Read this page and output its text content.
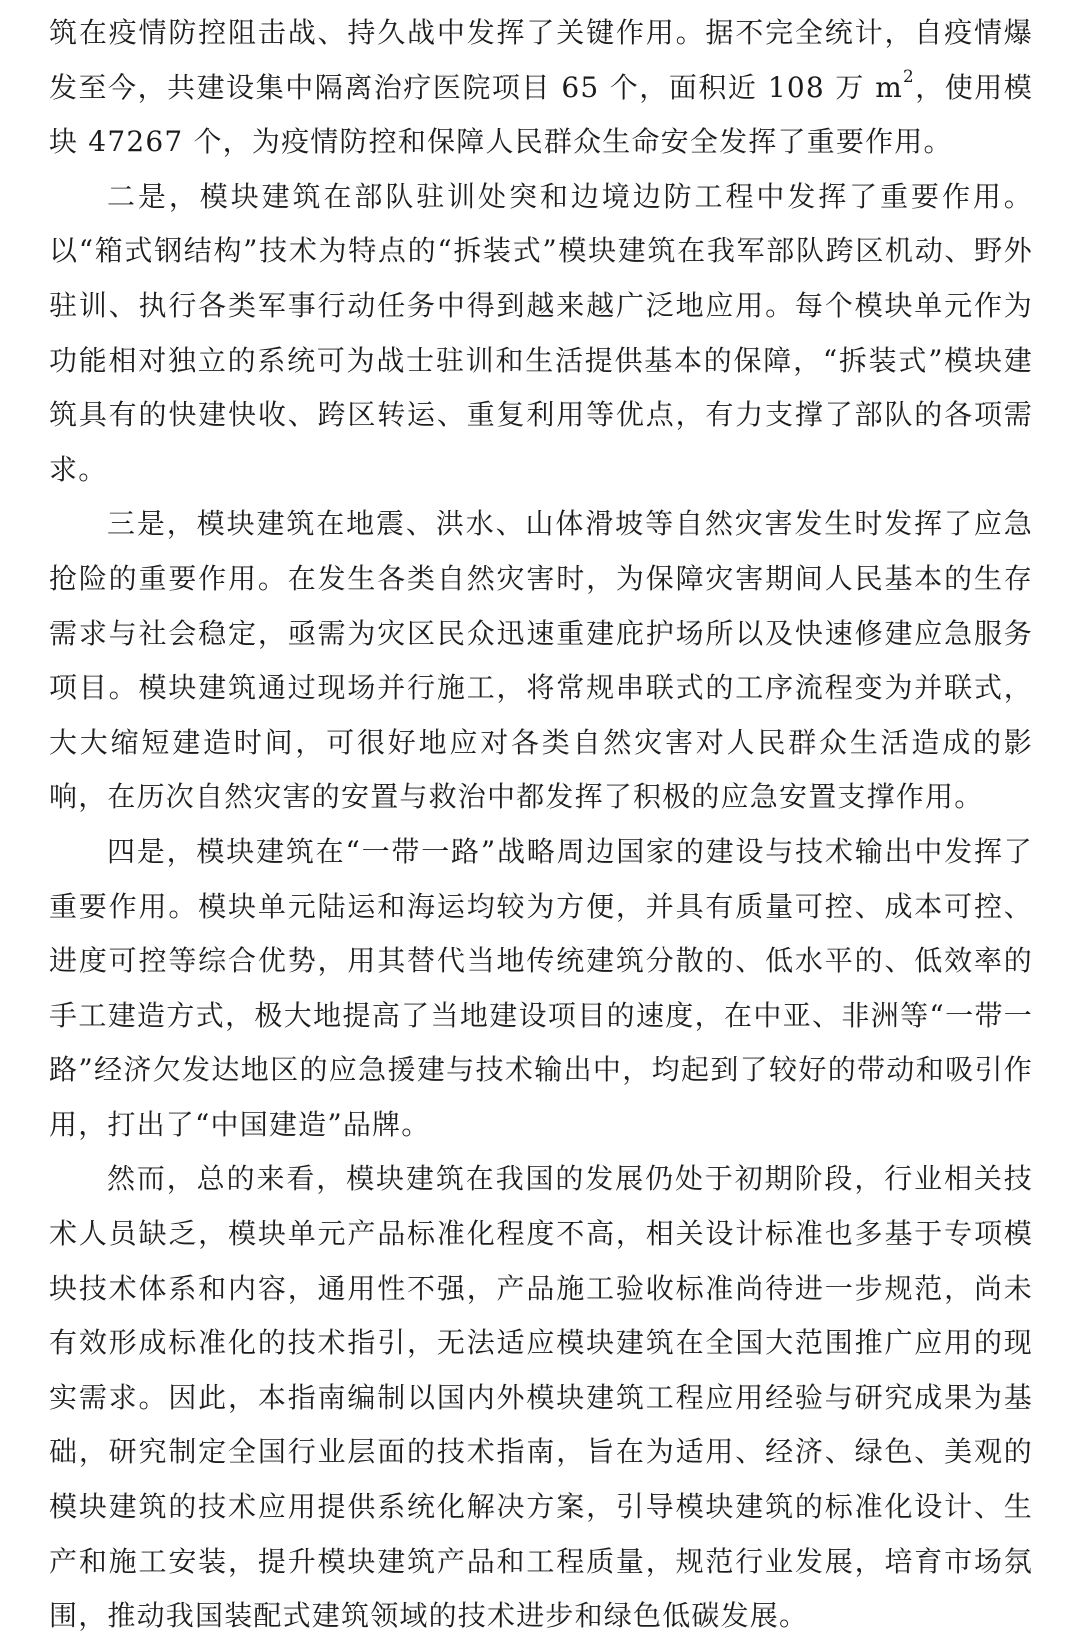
筑在疫情防控阻击战、持久战中发挥了关键作用。据不完全统计，自疫情爆发至今，共建设集中隔离治疗医院项目 65 个，面积近 108 万 $m^2$，使用模块 47267 个，为疫情防控和保障人民群众生命安全发挥了重要作用。

二是，模块建筑在部队驻训处突和边境边防工程中发挥了重要作用。以“箱式钢结构”技术为特点的“拆装式”模块建筑在我军部队跨区机动、野外驻训、执行各类军事行动任务中得到越来越广泛地应用。每个模块单元作为功能相对独立的系统可为战士驻训和生活提供基本的保障，“拆装式”模块建筑具有的快建快收、跨区转运、重复利用等优点，有力支撑了部队的各项需求。

三是，模块建筑在地震、洪水、山体滑坡等自然灾害发生时发挥了应急抢险的重要作用。在发生各类自然灾害时，为保障灾害期间人民基本的生存需求与社会稳定，亟需为灾区民众迅速重建庇护场所以及快速修建应急服务项目。模块建筑通过现场并行施工，将常规串联式的工序流程变为并联式，大大缩短建造时间，可很好地应对各类自然灾害对人民群众生活造成的影响，在历次自然灾害的安置与救治中都发挥了积极的应急安置支撑作用。

四是，模块建筑在“一带一路”战略周边国家的建设与技术输出中发挥了重要作用。模块单元陆运和海运均较为方便，并具有质量可控、成本可控、进度可控等综合优势，用其替代当地传统建筑分散的、低水平的、低效率的手工建造方式，极大地提高了当地建设项目的速度，在中亚、非洲等“一带一路”经济欠发达地区的应急援建与技术输出中，均起到了较好的带动和吸引作用，打出了“中国建造”品牌。

然而，总的来看，模块建筑在我国的发展仍处于初期阶段，行业相关技术人员缺乏，模块单元产品标准化程度不高，相关设计标准也多基于专项模块技术体系和内容，通用性不强，产品施工验收标准尚待进一步规范，尚未有效形成标准化的技术指引，无法适应模块建筑在全国大范围推广应用的现实需求。因此，本指南编制以国内外模块建筑工程应用经验与研究成果为基础，研究制定全国行业层面的技术指南，旨在为适用、经济、绿色、美观的模块建筑的技术应用提供系统化解决方案，引导模块建筑的标准化设计、生产和施工安装，提升模块建筑产品和工程质量，规范行业发展，培育市场氛围，推动我国装配式建筑领域的技术进步和绿色低碳发展。
